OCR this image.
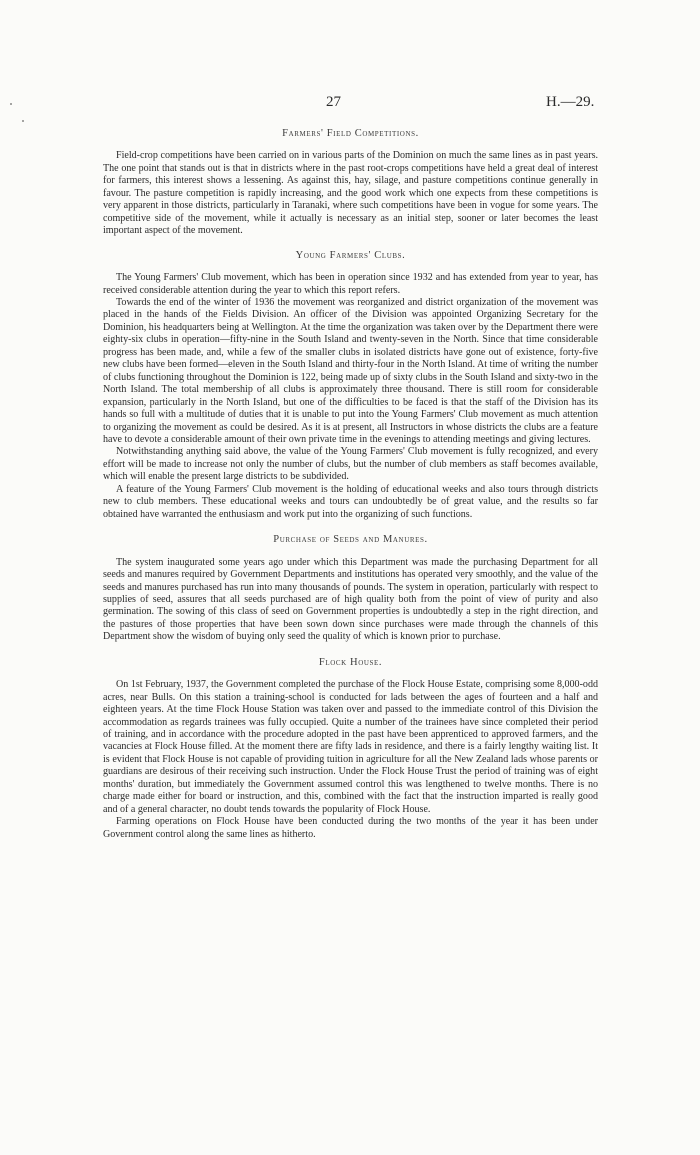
27	H.—29.
Farmers' Field Competitions.

Field-crop competitions have been carried on in various parts of the Dominion on much the same lines as in past years. The one point that stands out is that in districts where in the past root-crops competitions have held a great deal of interest for farmers, this interest shows a lessening. As against this, hay, silage, and pasture competitions continue generally in favour. The pasture competition is rapidly increasing, and the good work which one expects from these competitions is very apparent in those districts, particularly in Taranaki, where such competitions have been in vogue for some years. The competitive side of the movement, while it actually is necessary as an initial step, sooner or later becomes the least important aspect of the movement.

Young Farmers' Clubs.

The Young Farmers' Club movement, which has been in operation since 1932 and has extended from year to year, has received considerable attention during the year to which this report refers.

Towards the end of the winter of 1936 the movement was reorganized and district organization of the movement was placed in the hands of the Fields Division. An officer of the Division was appointed Organizing Secretary for the Dominion, his headquarters being at Wellington. At the time the organization was taken over by the Department there were eighty-six clubs in operation—fifty-nine in the South Island and twenty-seven in the North. Since that time considerable progress has been made, and, while a few of the smaller clubs in isolated districts have gone out of existence, forty-five new clubs have been formed—eleven in the South Island and thirty-four in the North Island. At time of writing the number of clubs functioning throughout the Dominion is 122, being made up of sixty clubs in the South Island and sixty-two in the North Island. The total membership of all clubs is approximately three thousand. There is still room for considerable expansion, particularly in the North Island, but one of the difficulties to be faced is that the staff of the Division has its hands so full with a multitude of duties that it is unable to put into the Young Farmers' Club movement as much attention to organizing the movement as could be desired. As it is at present, all Instructors in whose districts the clubs are a feature have to devote a considerable amount of their own private time in the evenings to attending meetings and giving lectures.

Notwithstanding anything said above, the value of the Young Farmers' Club movement is fully recognized, and every effort will be made to increase not only the number of clubs, but the number of club members as staff becomes available, which will enable the present large districts to be subdivided.

A feature of the Young Farmers' Club movement is the holding of educational weeks and also tours through districts new to club members. These educational weeks and tours can undoubtedly be of great value, and the results so far obtained have warranted the enthusiasm and work put into the organizing of such functions.

Purchase of Seeds and Manures.

The system inaugurated some years ago under which this Department was made the purchasing Department for all seeds and manures required by Government Departments and institutions has operated very smoothly, and the value of the seeds and manures purchased has run into many thousands of pounds. The system in operation, particularly with respect to supplies of seed, assures that all seeds purchased are of high quality both from the point of view of purity and also germination. The sowing of this class of seed on Government properties is undoubtedly a step in the right direction, and the pastures of those properties that have been sown down since purchases were made through the channels of this Department show the wisdom of buying only seed the quality of which is known prior to purchase.

Flock House.

On 1st February, 1937, the Government completed the purchase of the Flock House Estate, comprising some 8,000-odd acres, near Bulls. On this station a training-school is conducted for lads between the ages of fourteen and a half and eighteen years. At the time Flock House Station was taken over and passed to the immediate control of this Division the accommodation as regards trainees was fully occupied. Quite a number of the trainees have since completed their period of training, and in accordance with the procedure adopted in the past have been apprenticed to approved farmers, and the vacancies at Flock House filled. At the moment there are fifty lads in residence, and there is a fairly lengthy waiting list. It is evident that Flock House is not capable of providing tuition in agriculture for all the New Zealand lads whose parents or guardians are desirous of their receiving such instruction. Under the Flock House Trust the period of training was of eight months' duration, but immediately the Government assumed control this was lengthened to twelve months. There is no charge made either for board or instruction, and this, combined with the fact that the instruction imparted is really good and of a general character, no doubt tends towards the popularity of Flock House.

Farming operations on Flock House have been conducted during the two months of the year it has been under Government control along the same lines as hitherto.
